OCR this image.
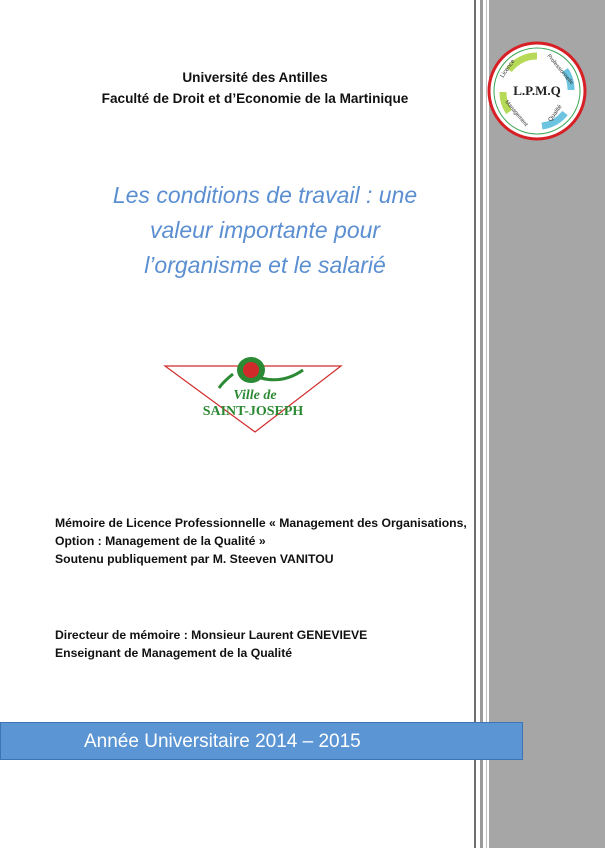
Licence	Professionnelle
Management	Qualité
L.P.M.Q
Université des Antilles
Faculté de Droit et d’Economie de la Martinique
Les conditions de travail : une
valeur importante pour
l’organisme et le salarié
Ville de
SAINT-JOSEPH
Mémoire de Licence Professionnelle « Management des Organisations,
Option : Management de la Qualité »
Soutenu publiquement par M. Steeven VANITOU
Directeur de mémoire : Monsieur Laurent GENEVIEVE
Enseignant de Management de la Qualité
Année Universitaire 2014 – 2015
